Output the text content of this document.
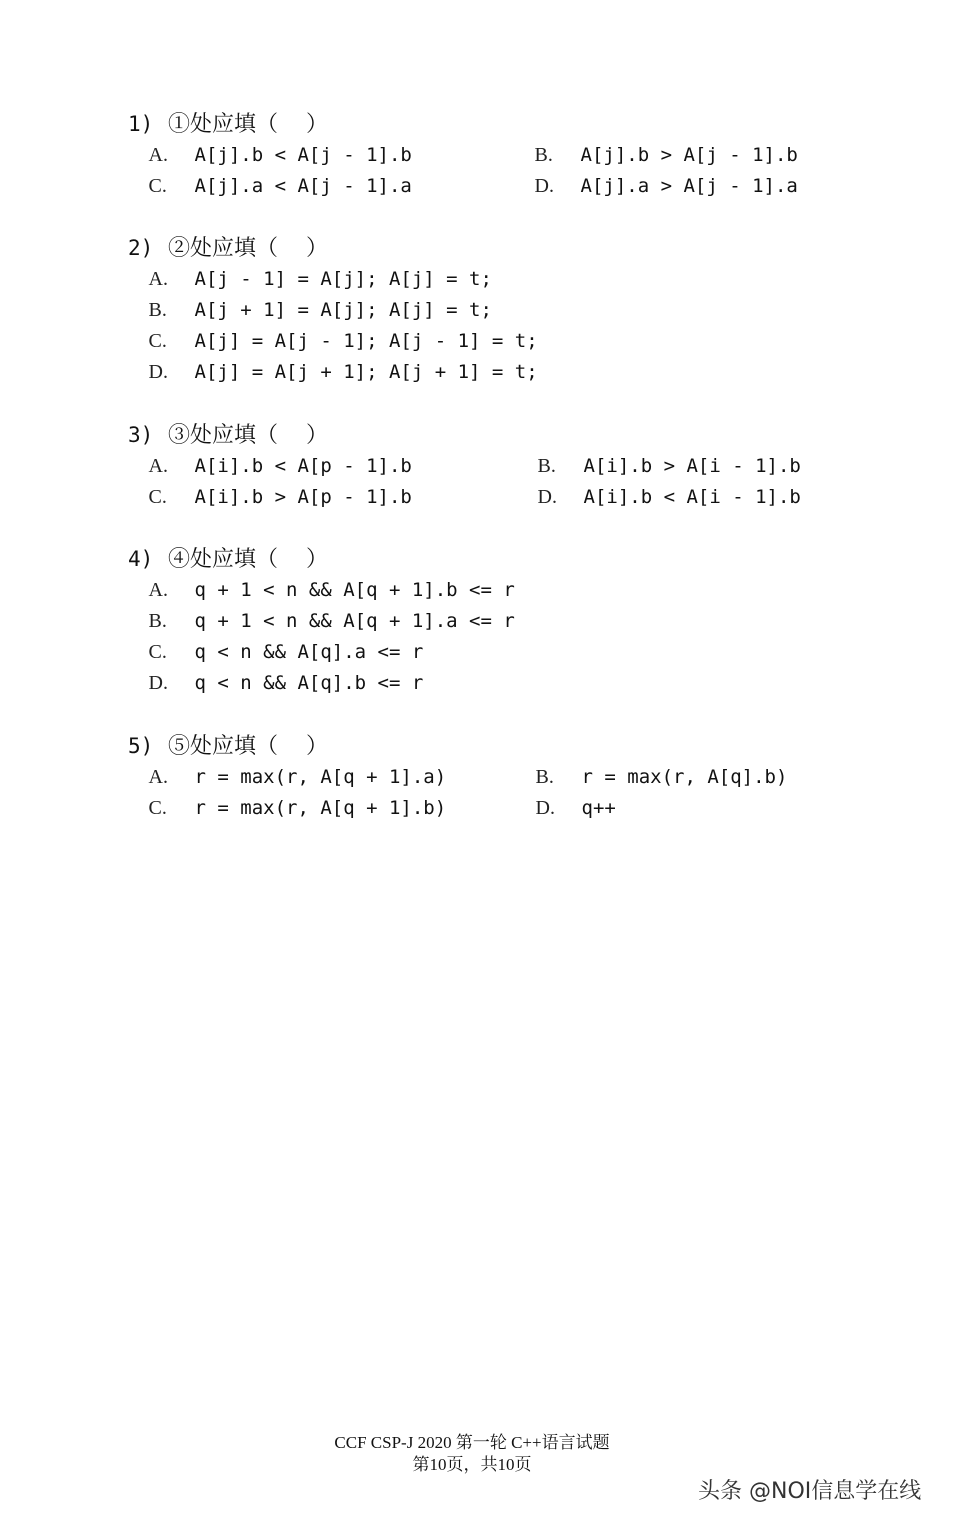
1) ①处应填（    ）

A. A[j].b < A[j - 1].b

	B. A[j].b > A[j - 1].b

C. A[j].a < A[j - 1].a

	D. A[j].a > A[j - 1].a

2) ②处应填（    ）

A. A[j - 1] = A[j]; A[j] = t;

B. A[j + 1] = A[j]; A[j] = t;

C. A[j] = A[j - 1]; A[j - 1] = t;

D. A[j] = A[j + 1]; A[j + 1] = t;

3) ③处应填（    ）

A. A[i].b < A[p - 1].b

	B. A[i].b > A[i - 1].b

C. A[i].b > A[p - 1].b

	D. A[i].b < A[i - 1].b

4) ④处应填（    ）

A. q + 1 < n && A[q + 1].b <= r

B. q + 1 < n && A[q + 1].a <= r

C. q < n && A[q].a <= r

D. q < n && A[q].b <= r

5) ⑤处应填（    ）

A. r = max(r, A[q + 1].a)

	B. r = max(r, A[q].b)

C. r = max(r, A[q + 1].b)

	D. q++

CCF CSP-J 2020 第一轮 C++语言试题
第10页，共10页
头条 @NOI信息学在线
